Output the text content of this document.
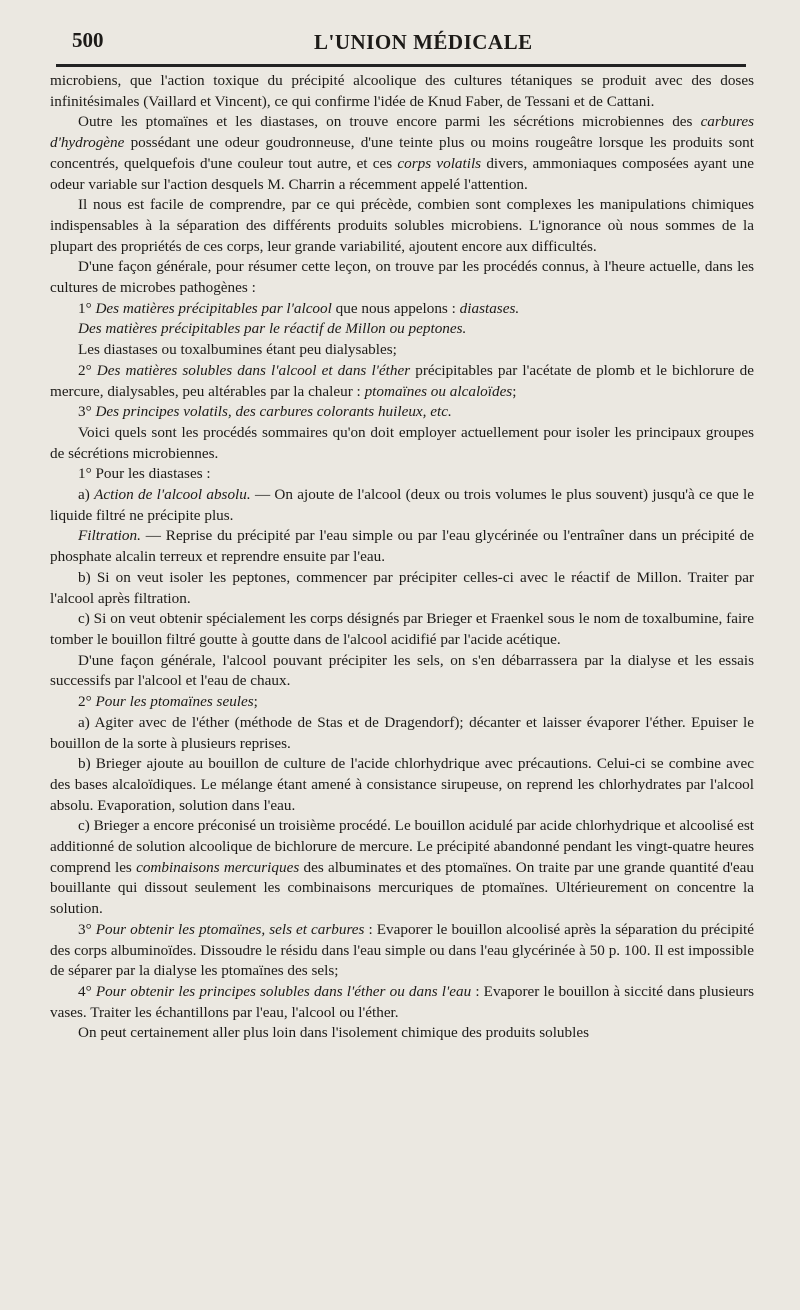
500	L'UNION MÉDICALE

microbiens, que l'action toxique du précipité alcoolique des cultures tétaniques se produit avec des doses infinitésimales (Vaillard et Vincent), ce qui confirme l'idée de Knud Faber, de Tessani et de Cattani.

Outre les ptomaïnes et les diastases, on trouve encore parmi les sécrétions microbiennes des carbures d'hydrogène possédant une odeur goudronneuse, d'une teinte plus ou moins rougeâtre lorsque les produits sont concentrés, quelquefois d'une couleur tout autre, et ces corps volatils divers, ammoniaques composées ayant une odeur variable sur l'action desquels M. Charrin a récemment appelé l'attention.

Il nous est facile de comprendre, par ce qui précède, combien sont complexes les manipulations chimiques indispensables à la séparation des différents produits solubles microbiens. L'ignorance où nous sommes de la plupart des propriétés de ces corps, leur grande variabilité, ajoutent encore aux difficultés.

D'une façon générale, pour résumer cette leçon, on trouve par les procédés connus, à l'heure actuelle, dans les cultures de microbes pathogènes :

1° Des matières précipitables par l'alcool que nous appelons : diastases.

Des matières précipitables par le réactif de Millon ou peptones.

Les diastases ou toxalbumines étant peu dialysables;

2° Des matières solubles dans l'alcool et dans l'éther précipitables par l'acétate de plomb et le bichlorure de mercure, dialysables, peu altérables par la chaleur : ptomaïnes ou alcaloïdes;

3° Des principes volatils, des carbures colorants huileux, etc.

Voici quels sont les procédés sommaires qu'on doit employer actuellement pour isoler les principaux groupes de sécrétions microbiennes.

1° Pour les diastases :

a) Action de l'alcool absolu. — On ajoute de l'alcool (deux ou trois volumes le plus souvent) jusqu'à ce que le liquide filtré ne précipite plus.

Filtration. — Reprise du précipité par l'eau simple ou par l'eau glycérinée ou l'entraîner dans un précipité de phosphate alcalin terreux et reprendre ensuite par l'eau.

b) Si on veut isoler les peptones, commencer par précipiter celles-ci avec le réactif de Millon. Traiter par l'alcool après filtration.

c) Si on veut obtenir spécialement les corps désignés par Brieger et Fraenkel sous le nom de toxalbumine, faire tomber le bouillon filtré goutte à goutte dans de l'alcool acidifié par l'acide acétique.

D'une façon générale, l'alcool pouvant précipiter les sels, on s'en débarrassera par la dialyse et les essais successifs par l'alcool et l'eau de chaux.

2° Pour les ptomaïnes seules;

a) Agiter avec de l'éther (méthode de Stas et de Dragendorf); décanter et laisser évaporer l'éther. Epuiser le bouillon de la sorte à plusieurs reprises.

b) Brieger ajoute au bouillon de culture de l'acide chlorhydrique avec précautions. Celui-ci se combine avec des bases alcaloïdiques. Le mélange étant amené à consistance sirupeuse, on reprend les chlorhydrates par l'alcool absolu. Evaporation, solution dans l'eau.

c) Brieger a encore préconisé un troisième procédé. Le bouillon acidulé par acide chlorhydrique et alcoolisé est additionné de solution alcoolique de bichlorure de mercure. Le précipité abandonné pendant les vingt-quatre heures comprend les combinaisons mercuriques des albuminates et des ptomaïnes. On traite par une grande quantité d'eau bouillante qui dissout seulement les combinaisons mercuriques de ptomaïnes. Ultérieurement on concentre la solution.

3° Pour obtenir les ptomaïnes, sels et carbures : Evaporer le bouillon alcoolisé après la séparation du précipité des corps albuminoïdes. Dissoudre le résidu dans l'eau simple ou dans l'eau glycérinée à 50 p. 100. Il est impossible de séparer par la dialyse les ptomaïnes des sels;

4° Pour obtenir les principes solubles dans l'éther ou dans l'eau : Evaporer le bouillon à siccité dans plusieurs vases. Traiter les échantillons par l'eau, l'alcool ou l'éther.

On peut certainement aller plus loin dans l'isolement chimique des produits solubles
